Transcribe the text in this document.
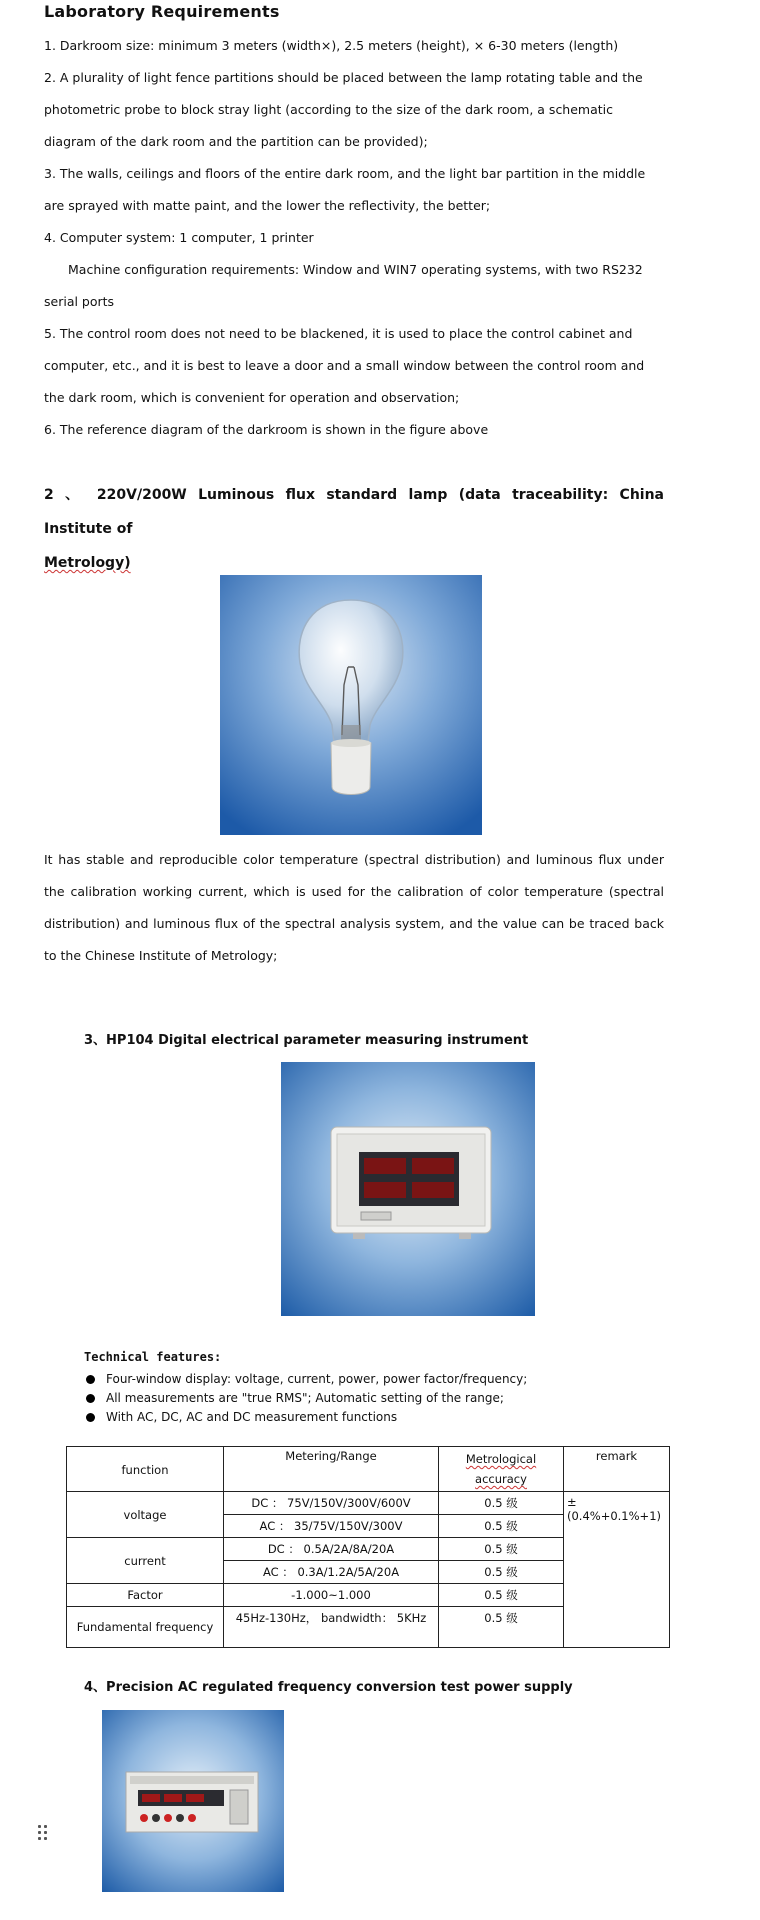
Laboratory Requirements

1. Darkroom size: minimum 3 meters (width×), 2.5 meters (height), × 6-30 meters (length)

2. A plurality of light fence partitions should be placed between the lamp rotating table and the

photometric probe to block stray light (according to the size of the dark room, a schematic

diagram of the dark room and the partition can be provided);

3. The walls, ceilings and floors of the entire dark room, and the light bar partition in the middle

are sprayed with matte paint, and the lower the reflectivity, the better;

4. Computer system: 1 computer, 1 printer

Machine configuration requirements: Window and WIN7 operating systems, with two RS232

serial ports

5. The control room does not need to be blackened, it is used to place the control cabinet and

computer, etc., and it is best to leave a door and a small window between the control room and

the dark room, which is convenient for operation and observation;

6. The reference diagram of the darkroom is shown in the figure above

2 、 220V/200W Luminous flux standard lamp (data traceability: China Institute of
Metrology)

It has stable and reproducible color temperature (spectral distribution) and luminous flux under the calibration working current, which is used for the calibration of color temperature (spectral distribution) and luminous flux of the spectral analysis system, and the value can be traced back to the Chinese Institute of Metrology;

3、HP104 Digital electrical parameter measuring instrument
Technical features:
Four-window display: voltage, current, power, power factor/frequency;
All measurements are "true RMS"; Automatic setting of the range;
With AC, DC, AC and DC measurement functions
function	Metering/Range	Metrological accuracy	remark
voltage	DC ： 75V/150V/300V/600V	0.5 级	± (0.4%+0.1%+1)
	AC ： 35/75V/150V/300V	0.5 级	
current	DC ： 0.5A/2A/8A/20A	0.5 级	
	AC ： 0.3A/1.2A/5A/20A	0.5 级	
Factor	-1.000~1.000	0.5 级	
Fundamental frequency	45Hz-130Hz， bandwidth： 5KHz	0.5 级	
4、Precision AC regulated frequency conversion test power supply
